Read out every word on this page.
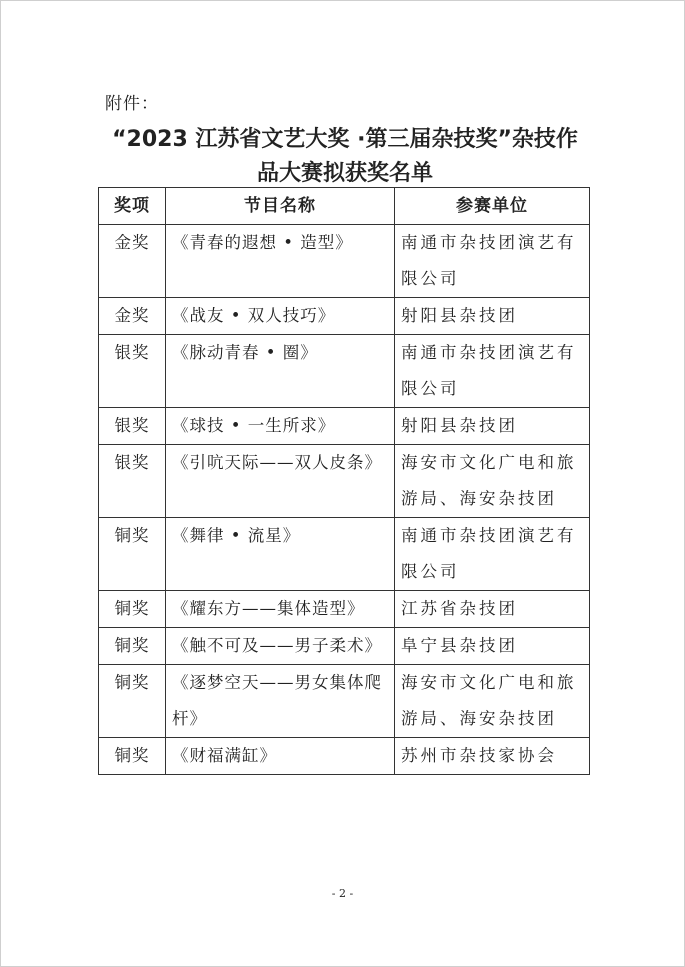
附件：
“2023 江苏省文艺大奖 ·第三届杂技奖”杂技作
品大赛拟获奖名单
奖项	节目名称	参赛单位
金奖	《青春的遐想 • 造型》	南通市杂技团演艺有限公司
金奖	《战友 • 双人技巧》	射阳县杂技团
银奖	《脉动青春 • 圈》	南通市杂技团演艺有限公司
银奖	《球技 • 一生所求》	射阳县杂技团
银奖	《引吭天际——双人皮条》	海安市文化广电和旅游局、海安杂技团
铜奖	《舞律 • 流星》	南通市杂技团演艺有限公司
铜奖	《耀东方——集体造型》	江苏省杂技团
铜奖	《触不可及——男子柔术》	阜宁县杂技团
铜奖	《逐梦空天——男女集体爬杆》	海安市文化广电和旅游局、海安杂技团
铜奖	《财福满缸》	苏州市杂技家协会
- 2 -
